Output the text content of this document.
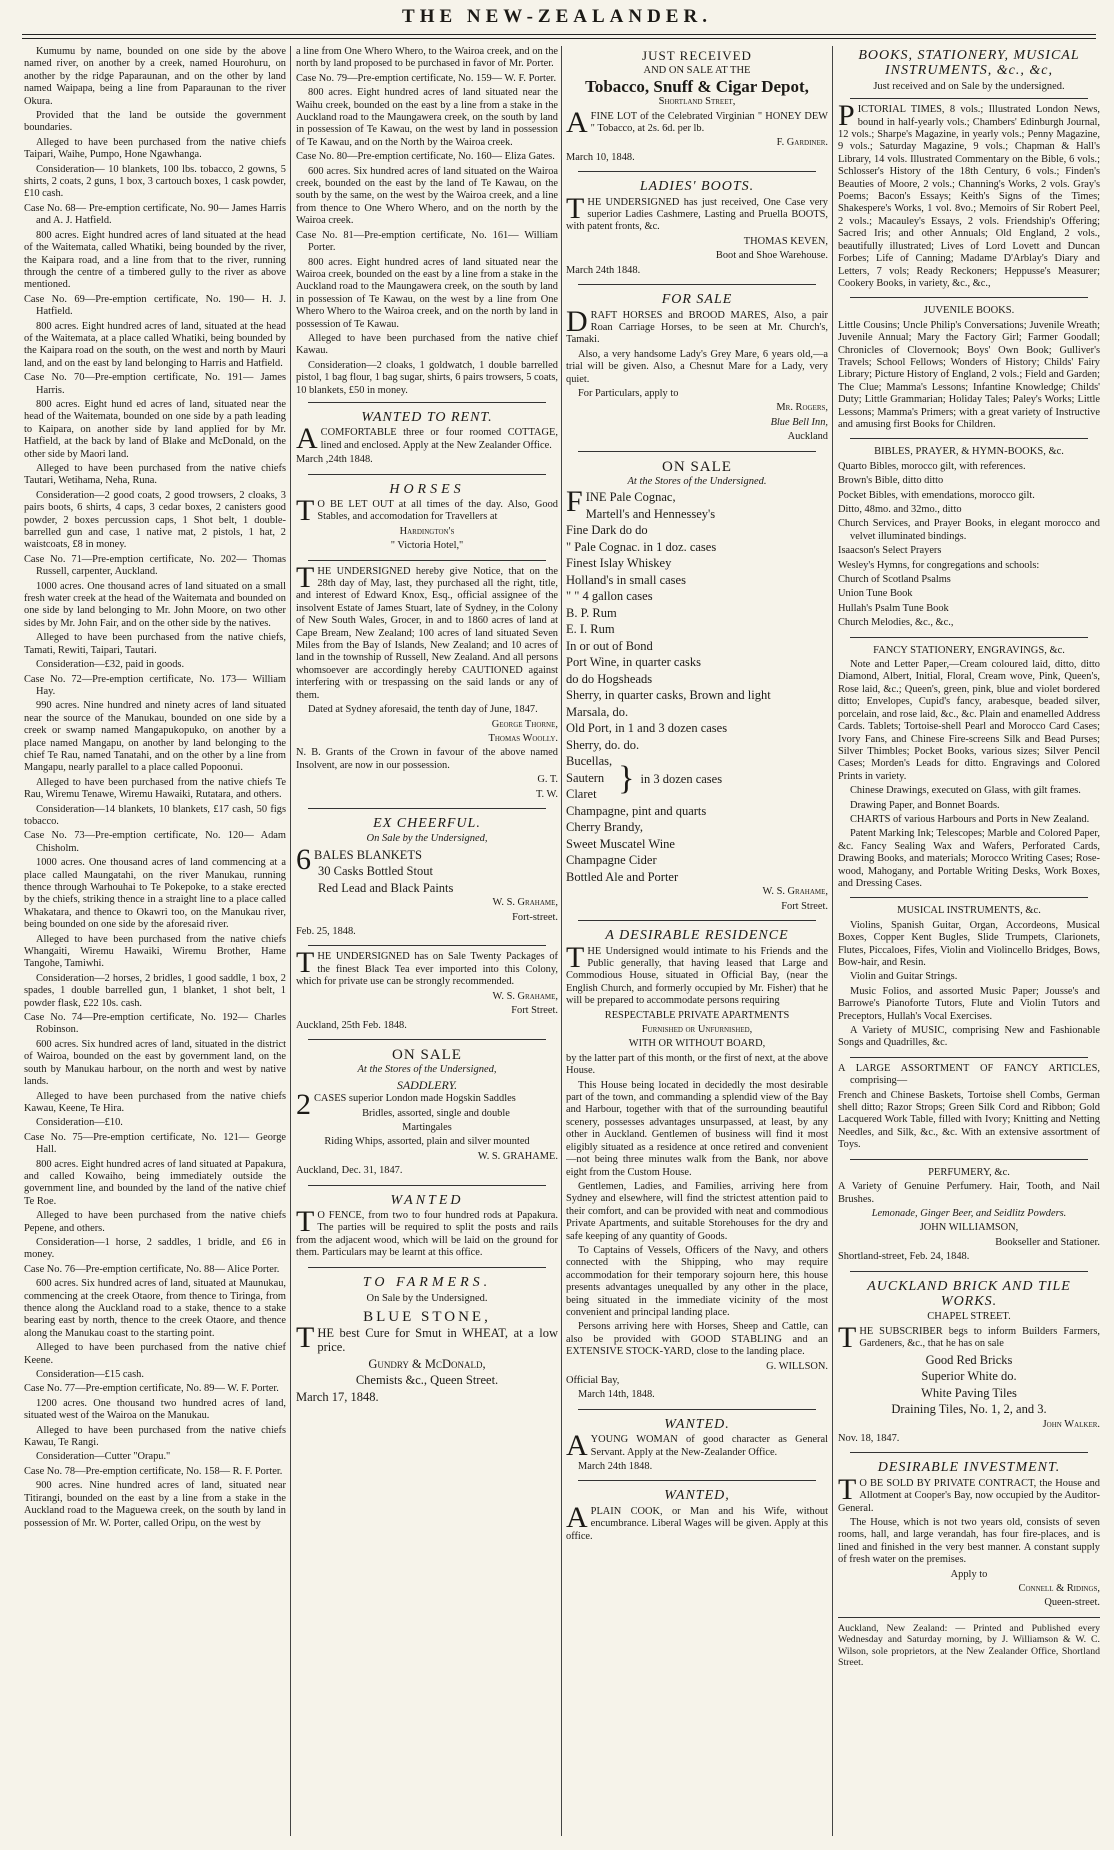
THE NEW-ZEALANDER.

Kumumu by name, bounded on one side by the above named river, on another by a creek, named Hourohuru, on another by the ridge Paparaunan, and on the other by land named Waipapa, being a line from Paparaunan to the river Okura.

Provided that the land be outside the government boundaries.

Alleged to have been purchased from the native chiefs Taipari, Waihe, Pumpo, Hone Ngawhanga.

Consideration— 10 blankets, 100 lbs. tobacco, 2 gowns, 5 shirts, 2 coats, 2 guns, 1 box, 3 cartouch boxes, 1 cask powder, £10 cash.

Case No. 68— Pre-emption certificate, No. 90— James Harris and A. J. Hatfield.

800 acres. Eight hundred acres of land situated at the head of the Waitemata, called Whatiki, being bounded by the river, the Kaipara road, and a line from that to the river, running through the centre of a timbered gully to the river as above mentioned.

Case No. 69—Pre-emption certificate, No. 190— H. J. Hatfield.

800 acres. Eight hundred acres of land, situated at the head of the Waitemata, at a place called Whatiki, being bounded by the Kaipara road on the south, on the west and north by Mauri land, and on the east by land belonging to Harris and Hatfield.

Case No. 70—Pre-emption certificate, No. 191— James Harris.

800 acres. Eight hund ed acres of land, situated near the head of the Waitemata, bounded on one side by a path leading to Kaipara, on another side by land applied for by Mr. Hatfield, at the back by land of Blake and McDonald, on the other side by Maori land.

Alleged to have been purchased from the native chiefs Tautari, Wetihama, Neha, Runa.

Consideration—2 good coats, 2 good trowsers, 2 cloaks, 3 pairs boots, 6 shirts, 4 caps, 3 cedar boxes, 2 canisters good powder, 2 boxes percussion caps, 1 Shot belt, 1 double-barrelled gun and case, 1 native mat, 2 pistols, 1 hat, 2 waistcoats, £8 in money.

Case No. 71—Pre-emption certificate, No. 202— Thomas Russell, carpenter, Auckland.

1000 acres. One thousand acres of land situated on a small fresh water creek at the head of the Waitemata and bounded on one side by land belonging to Mr. John Moore, on two other sides by Mr. John Fair, and on the other side by the natives.

Alleged to have been purchased from the native chiefs, Tamati, Rewiti, Taipari, Tautari.

Consideration—£32, paid in goods.

Case No. 72—Pre-emption certificate, No. 173— William Hay.

990 acres. Nine hundred and ninety acres of land situated near the source of the Manukau, bounded on one side by a creek or swamp named Mangapukopuko, on another by a place named Mangapu, on another by land belonging to the chief Te Rau, named Tanatahi, and on the other by a line from Mangapu, nearly parallel to a place called Popoonui.

Alleged to have been purchased from the native chiefs Te Rau, Wiremu Tenawe, Wiremu Hawaiki, Rutatara, and others.

Consideration—14 blankets, 10 blankets, £17 cash, 50 figs tobacco.

Case No. 73—Pre-emption certificate, No. 120— Adam Chisholm.

1000 acres. One thousand acres of land commencing at a place called Maungatahi, on the river Manukau, running thence through Warhouhai to Te Pokepoke, to a stake erected by the chiefs, striking thence in a straight line to a place called Whakatara, and thence to Okawri too, on the Manukau river, being bounded on one side by the aforesaid river.

Alleged to have been purchased from the native chiefs Whangaiti, Wiremu Hawaiki, Wiremu Brother, Hame Tangohe, Tamiwhi.

Consideration—2 horses, 2 bridles, 1 good saddle, 1 box, 2 spades, 1 double barrelled gun, 1 blanket, 1 shot belt, 1 powder flask, £22 10s. cash.

Case No. 74—Pre-emption certificate, No. 192— Charles Robinson.

600 acres. Six hundred acres of land, situated in the district of Wairoa, bounded on the east by government land, on the south by Manukau harbour, on the north and west by native lands.

Alleged to have been purchased from the native chiefs Kawau, Keene, Te Hira.

Consideration—£10.

Case No. 75—Pre-emption certificate, No. 121— George Hall.

800 acres. Eight hundred acres of land situated at Papakura, and called Kowaiho, being immediately outside the government line, and bounded by the land of the native chief Te Roe.

Alleged to have been purchased from the native chiefs Pepene, and others.

Consideration—1 horse, 2 saddles, 1 bridle, and £6 in money.

Case No. 76—Pre-emption certificate, No. 88— Alice Porter.

600 acres. Six hundred acres of land, situated at Maunukau, commencing at the creek Otaore, from thence to Tiringa, from thence along the Auckland road to a stake, thence to a stake bearing east by north, thence to the creek Otaore, and thence along the Manukau coast to the starting point.

Alleged to have been purchased from the native chief Keene.

Consideration—£15 cash.

Case No. 77—Pre-emption certificate, No. 89— W. F. Porter.

1200 acres. One thousand two hundred acres of land, situated west of the Wairoa on the Manukau.

Alleged to have been purchased from the native chiefs Kawau, Te Rangi.

Consideration—Cutter "Orapu."

Case No. 78—Pre-emption certificate, No. 158— R. F. Porter.

900 acres. Nine hundred acres of land, situated near Titirangi, bounded on the east by a line from a stake in the Auckland road to the Maguewa creek, on the south by land in possession of Mr. W. Porter, called Oripu, on the west by

a line from One Whero Whero, to the Wairoa creek, and on the north by land proposed to be purchased in favor of Mr. Porter.

Case No. 79—Pre-emption certificate, No. 159— W. F. Porter.

800 acres. Eight hundred acres of land situated near the Waihu creek, bounded on the east by a line from a stake in the Auckland road to the Maungawera creek, on the south by land in possession of Te Kawau, on the west by land in possession of Te Kawau, and on the North by the Wairoa creek.

Case No. 80—Pre-emption certificate, No. 160— Eliza Gates.

600 acres. Six hundred acres of land situated on the Wairoa creek, bounded on the east by the land of Te Kawau, on the south by the same, on the west by the Wairoa creek, and a line from thence to One Whero Whero, and on the north by the Wairoa creek.

Case No. 81—Pre-emption certificate, No. 161— William Porter.

800 acres. Eight hundred acres of land situated near the Wairoa creek, bounded on the east by a line from a stake in the Auckland road to the Maungawera creek, on the south by land in possession of Te Kawau, on the west by a line from One Whero Whero to the Wairoa creek, and on the north by land in possession of Te Kawau.

Alleged to have been purchased from the native chief Kawau.

Consideration—2 cloaks, 1 goldwatch, 1 double barrelled pistol, 1 bag flour, 1 bag sugar, shirts, 6 pairs trowsers, 5 coats, 10 blankets, £50 in money.

WANTED TO RENT.

ACOMFORTABLE three or four roomed COTTAGE, lined and enclosed. Apply at the New Zealander Office.

March ,24th 1848.

HORSES

T O BE LET OUT at all times of the day. Also, Good Stables, and accomodation for Travellers at

Hardington's

" Victoria Hotel,"

THE UNDERSIGNED hereby give Notice, that on the 28th day of May, last, they purchased all the right, title, and interest of Edward Knox, Esq., official assignee of the insolvent Estate of James Stuart, late of Sydney, in the Colony of New South Wales, Grocer, in and to 1860 acres of land at Cape Bream, New Zealand; 100 acres of land situated Seven Miles from the Bay of Islands, New Zealand; and 10 acres of land in the township of Russell, New Zealand. And all persons whomsoever are accordingly hereby CAUTIONED against interfering with or trespassing on the said lands or any of them.

Dated at Sydney aforesaid, the tenth day of June, 1847.

George Thorne,

Thomas Woolly.

N. B. Grants of the Crown in favour of the above named Insolvent, are now in our possession.

G. T.

T. W.

EX CHEERFUL.
On Sale by the Undersigned,

6 BALES BLANKETS

30 Casks Bottled Stout

Red Lead and Black Paints

W. S. Grahame,

Fort-street.

Feb. 25, 1848.

THE UNDERSIGNED has on Sale Twenty Packages of the finest Black Tea ever imported into this Colony, which for private use can be strongly recommended.

W. S. Grahame,

Fort Street.

Auckland, 25th Feb. 1848.

ON SALE
At the Stores of the Undersigned,
SADDLERY.

2 CASES superior London made Hogskin Saddles

Bridles, assorted, single and double

Martingales

Riding Whips, assorted, plain and silver mounted

W. S. GRAHAME.

Auckland, Dec. 31, 1847.

WANTED

T O FENCE, from two to four hundred rods at Papakura. The parties will be required to split the posts and rails from the adjacent wood, which will be laid on the ground for them. Particulars may be learnt at this office.

TO FARMERS.
On Sale by the Undersigned.
BLUE STONE,

THE best Cure for Smut in WHEAT, at a low price.

Gundry & McDonald,

Chemists &c., Queen Street.

March 17, 1848.

JUST RECEIVED
AND ON SALE AT THE
Tobacco, Snuff & Cigar Depot,
Shortland Street,

AFINE LOT of the Celebrated Virginian " HONEY DEW " Tobacco, at 2s. 6d. per lb.

F. Gardiner.

March 10, 1848.

LADIES' BOOTS.

THE UNDERSIGNED has just received, One Case very superior Ladies Cashmere, Lasting and Pruella BOOTS, with patent fronts, &c.

THOMAS KEVEN,

Boot and Shoe Warehouse.

March 24th 1848.

FOR SALE

DRAFT HORSES and BROOD MARES, Also, a pair Roan Carriage Horses, to be seen at Mr. Church's, Tamaki.

Also, a very handsome Lady's Grey Mare, 6 years old,—a trial will be given. Also, a Chesnut Mare for a Lady, very quiet.

For Particulars, apply to

Mr. Rogers,

Blue Bell Inn,

Auckland

ON SALE
At the Stores of the Undersigned.

FINE Pale Cognac,

Martell's and Hennessey's

Fine Dark do do

" Pale Cognac. in 1 doz. cases

Finest Islay Whiskey

Holland's in small cases

" " 4 gallon cases

B. P. Rum

E. I. Rum

In or out of Bond

Port Wine, in quarter casks

do do Hogsheads

Sherry, in quarter casks, Brown and light

Marsala, do.

Old Port, in 1 and 3 dozen cases

Sherry, do. do.

Bucellas,

Sautern

Claret } in 3 dozen cases

Champagne, pint and quarts

Cherry Brandy,

Sweet Muscatel Wine

Champagne Cider

Bottled Ale and Porter

W. S. Grahame,

Fort Street.

A DESIRABLE RESIDENCE

THE Undersigned would intimate to his Friends and the Public generally, that having leased that Large and Commodious House, situated in Official Bay, (near the English Church, and formerly occupied by Mr. Fisher) that he will be prepared to accommodate persons requiring

RESPECTABLE PRIVATE APARTMENTS

Furnished or Unfurnished,

WITH OR WITHOUT BOARD,

by the latter part of this month, or the first of next, at the above House.

This House being located in decidedly the most desirable part of the town, and commanding a splendid view of the Bay and Harbour, together with that of the surrounding beautiful scenery, possesses advantages unsurpassed, at least, by any other in Auckland. Gentlemen of business will find it most eligibly situated as a residence at once retired and convenient—not being three minutes walk from the Bank, nor above eight from the Custom House.

Gentlemen, Ladies, and Families, arriving here from Sydney and elsewhere, will find the strictest attention paid to their comfort, and can be provided with neat and commodious Private Apartments, and suitable Storehouses for the dry and safe keeping of any quantity of Goods.

To Captains of Vessels, Officers of the Navy, and others connected with the Shipping, who may require accommodation for their temporary sojourn here, this house presents advantages unequalled by any other in the place, being situated in the immediate vicinity of the most convenient and principal landing place.

Persons arriving here with Horses, Sheep and Cattle, can also be provided with GOOD STABLING and an EXTENSIVE STOCK-YARD, close to the landing place.

G. WILLSON.

Official Bay,

March 14th, 1848.

WANTED.

AYOUNG WOMAN of good character as General Servant. Apply at the New-Zealander Office.

March 24th 1848.

WANTED,

APLAIN COOK, or Man and his Wife, without encumbrance. Liberal Wages will be given. Apply at this office.

BOOKS, STATIONERY, MUSICAL
INSTRUMENTS, &c., &c,
Just received and on Sale by the undersigned.

PICTORIAL TIMES, 8 vols.; Illustrated London News, bound in half-yearly vols.; Chambers' Edinburgh Journal, 12 vols.; Sharpe's Magazine, in yearly vols.; Penny Magazine, 9 vols.; Saturday Magazine, 9 vols.; Chapman & Hall's Library, 14 vols. Illustrated Commentary on the Bible, 6 vols.; Schlosser's History of the 18th Century, 6 vols.; Finden's Beauties of Moore, 2 vols.; Channing's Works, 2 vols. Gray's Poems; Bacon's Essays; Keith's Signs of the Times; Shakespere's Works, 1 vol. 8vo.; Memoirs of Sir Robert Peel, 2 vols.; Macauley's Essays, 2 vols. Friendship's Offering; Sacred Iris; and other Annuals; Old England, 2 vols., beautifully illustrated; Lives of Lord Lovett and Duncan Forbes; Life of Canning; Madame D'Arblay's Diary and Letters, 7 vols; Ready Reckoners; Heppusse's Measurer; Cookery Books, in variety, &c., &c.,

JUVENILE BOOKS.

Little Cousins; Uncle Philip's Conversations; Juvenile Wreath; Juvenile Annual; Mary the Factory Girl; Farmer Goodall; Chronicles of Clovernook; Boys' Own Book; Gulliver's Travels; School Fellows; Wonders of History; Childs' Fairy Library; Picture History of England, 2 vols.; Field and Garden; The Clue; Mamma's Lessons; Infantine Knowledge; Childs' Duty; Little Grammarian; Holiday Tales; Paley's Works; Little Lessons; Mamma's Primers; with a great variety of Instructive and amusing first Books for Children.

BIBLES, PRAYER, & HYMN-BOOKS, &c.

Quarto Bibles, morocco gilt, with references.

Brown's Bible, ditto ditto

Pocket Bibles, with emendations, morocco gilt.

Ditto, 48mo. and 32mo., ditto

Church Services, and Prayer Books, in elegant morocco and velvet illuminated bindings.

Isaacson's Select Prayers

Wesley's Hymns, for congregations and schools:

Church of Scotland Psalms

Union Tune Book

Hullah's Psalm Tune Book

Church Melodies, &c., &c.,

FANCY STATIONERY, ENGRAVINGS, &c.

Note and Letter Paper,—Cream coloured laid, ditto, ditto Diamond, Albert, Initial, Floral, Cream wove, Pink, Queen's, Rose laid, &c.; Queen's, green, pink, blue and violet bordered ditto; Envelopes, Cupid's fancy, arabesque, beaded silver, porcelain, and rose laid, &c., &c. Plain and enamelled Address Cards. Tablets; Tortoise-shell Pearl and Morocco Card Cases; Ivory Fans, and Chinese Fire-screens Silk and Bead Purses; Silver Thimbles; Pocket Books, various sizes; Silver Pencil Cases; Morden's Leads for ditto. Engravings and Colored Prints in variety.

Chinese Drawings, executed on Glass, with gilt frames.

Drawing Paper, and Bonnet Boards.

CHARTS of various Harbours and Ports in New Zealand.

Patent Marking Ink; Telescopes; Marble and Colored Paper, &c. Fancy Sealing Wax and Wafers, Perforated Cards, Drawing Books, and materials; Morocco Writing Cases; Rose-wood, Mahogany, and Portable Writing Desks, Work Boxes, and Dressing Cases.

MUSICAL INSTRUMENTS, &c.

Violins, Spanish Guitar, Organ, Accordeons, Musical Boxes, Copper Kent Bugles, Slide Trumpets, Clarionets, Flutes, Piccaloes, Fifes, Violin and Violincello Bridges, Bows, Bow-hair, and Resin.

Violin and Guitar Strings.

Music Folios, and assorted Music Paper; Jousse's and Barrowe's Pianoforte Tutors, Flute and Violin Tutors and Preceptors, Hullah's Vocal Exercises.

A Variety of MUSIC, comprising New and Fashionable Songs and Quadrilles, &c.

A LARGE ASSORTMENT OF FANCY ARTICLES, comprising—

French and Chinese Baskets, Tortoise shell Combs, German shell ditto; Razor Strops; Green Silk Cord and Ribbon; Gold Lacquered Work Table, filled with Ivory; Knitting and Netting Needles, and Silk, &c., &c. With an extensive assortment of Toys.

PERFUMERY, &c.

A Variety of Genuine Perfumery. Hair, Tooth, and Nail Brushes.

Lemonade, Ginger Beer, and Seidlitz Powders.

JOHN WILLIAMSON,

Bookseller and Stationer.

Shortland-street, Feb. 24, 1848.

AUCKLAND BRICK AND TILE
WORKS.
CHAPEL STREET.

THE SUBSCRIBER begs to inform Builders Farmers, Gardeners, &c., that he has on sale

Good Red Bricks

Superior White do.

White Paving Tiles

Draining Tiles, No. 1, 2, and 3.

John Walker.

Nov. 18, 1847.

DESIRABLE INVESTMENT.

T O BE SOLD BY PRIVATE CONTRACT, the House and Allotment at Cooper's Bay, now occupied by the Auditor-General.

The House, which is not two years old, consists of seven rooms, hall, and large verandah, has four fire-places, and is lined and finished in the very best manner. A constant supply of fresh water on the premises.

Apply to

Connell & Ridings,

Queen-street.

Auckland, New Zealand: — Printed and Published every Wednesday and Saturday morning, by J. Williamson & W. C. Wilson, sole proprietors, at the New Zealander Office, Shortland Street.
